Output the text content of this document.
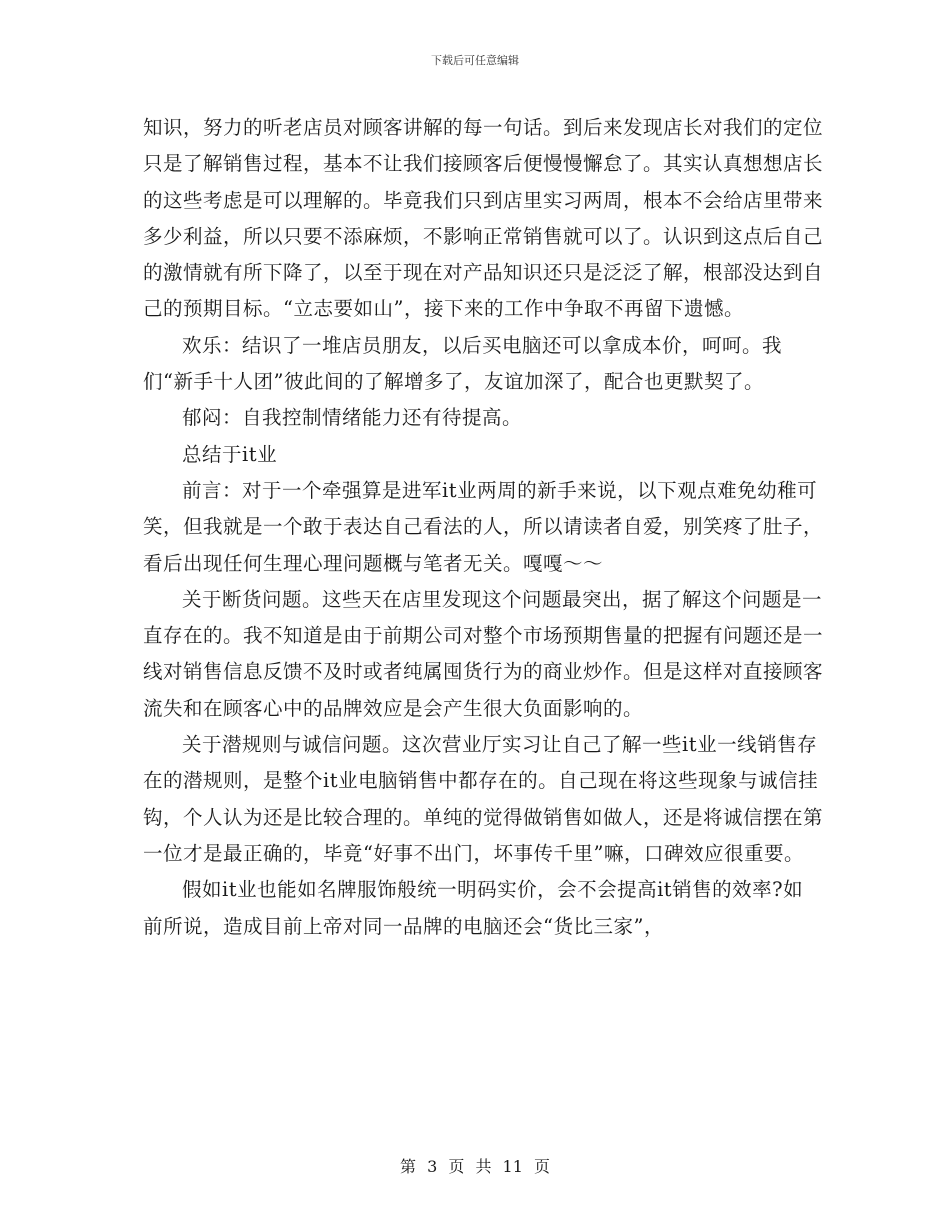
下载后可任意编辑

知识，努力的听老店员对顾客讲解的每一句话。到后来发现店长对我们的定位只是了解销售过程，基本不让我们接顾客后便慢慢懈怠了。其实认真想想店长的这些考虑是可以理解的。毕竟我们只到店里实习两周，根本不会给店里带来多少利益，所以只要不添麻烦，不影响正常销售就可以了。认识到这点后自己的激情就有所下降了，以至于现在对产品知识还只是泛泛了解，根部没达到自己的预期目标。“立志要如山”，接下来的工作中争取不再留下遗憾。

欢乐：结识了一堆店员朋友，以后买电脑还可以拿成本价，呵呵。我们“新手十人团”彼此间的了解增多了，友谊加深了，配合也更默契了。

郁闷：自我控制情绪能力还有待提高。

总结于it业

前言：对于一个牵强算是进军it业两周的新手来说，以下观点难免幼稚可笑，但我就是一个敢于表达自己看法的人，所以请读者自爱，别笑疼了肚子，看后出现任何生理心理问题概与笔者无关。嘎嘎～～

关于断货问题。这些天在店里发现这个问题最突出，据了解这个问题是一直存在的。我不知道是由于前期公司对整个市场预期售量的把握有问题还是一线对销售信息反馈不及时或者纯属囤货行为的商业炒作。但是这样对直接顾客流失和在顾客心中的品牌效应是会产生很大负面影响的。

关于潜规则与诚信问题。这次营业厅实习让自己了解一些it业一线销售存在的潜规则，是整个it业电脑销售中都存在的。自己现在将这些现象与诚信挂钩，个人认为还是比较合理的。单纯的觉得做销售如做人，还是将诚信摆在第一位才是最正确的，毕竟“好事不出门，坏事传千里”嘛，口碑效应很重要。

假如it业也能如名牌服饰般统一明码实价，会不会提高it销售的效率?如前所说，造成目前上帝对同一品牌的电脑还会“货比三家”，

第 3 页 共 11 页
